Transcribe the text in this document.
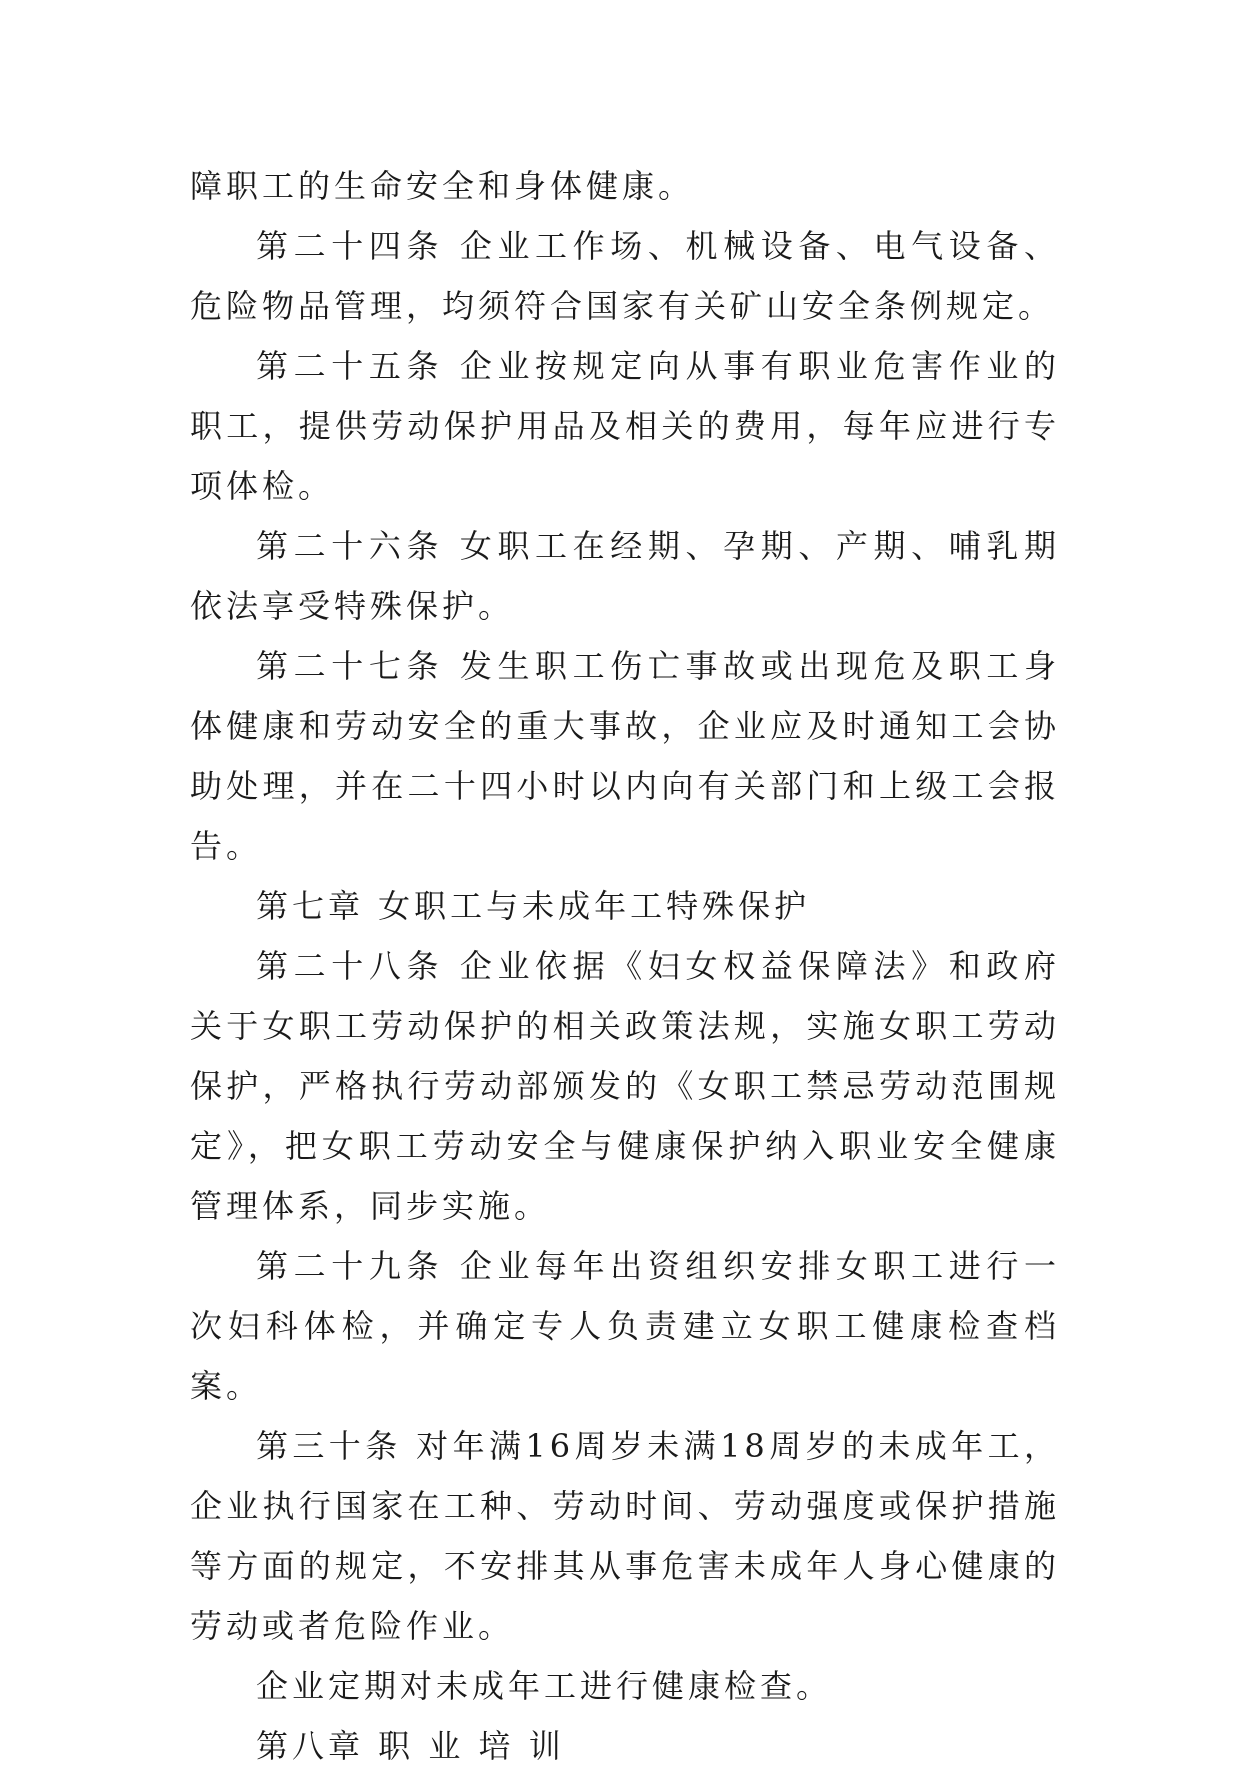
障职工的生命安全和身体健康。

第二十四条 企业工作场、机械设备、电气设备、危险物品管理，均须符合国家有关矿山安全条例规定。

第二十五条 企业按规定向从事有职业危害作业的职工，提供劳动保护用品及相关的费用，每年应进行专项体检。

第二十六条 女职工在经期、孕期、产期、哺乳期依法享受特殊保护。

第二十七条 发生职工伤亡事故或出现危及职工身体健康和劳动安全的重大事故，企业应及时通知工会协助处理，并在二十四小时以内向有关部门和上级工会报告。

第七章 女职工与未成年工特殊保护

第二十八条 企业依据《妇女权益保障法》和政府关于女职工劳动保护的相关政策法规，实施女职工劳动保护，严格执行劳动部颁发的《女职工禁忌劳动范围规定》，把女职工劳动安全与健康保护纳入职业安全健康管理体系，同步实施。

第二十九条 企业每年出资组织安排女职工进行一次妇科体检，并确定专人负责建立女职工健康检查档案。

第三十条 对年满16周岁未满18周岁的未成年工，企业执行国家在工种、劳动时间、劳动强度或保护措施等方面的规定，不安排其从事危害未成年人身心健康的劳动或者危险作业。

企业定期对未成年工进行健康检查。

第八章 职 业 培 训
